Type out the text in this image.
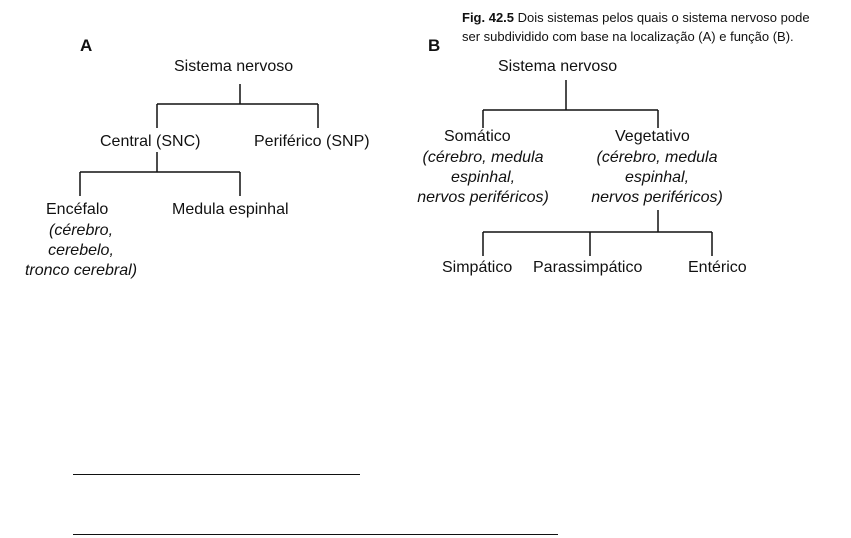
Fig. 42.5 Dois sistemas pelos quais o sistema nervoso pode
ser subdividido com base na localização (A) e função (B).
A
Sistema nervoso
Central (SNC)	Periférico (SNP)
Encéfalo
(cérebro,
cerebelo,
tronco cerebral)
Medula espinhal
B
Sistema nervoso
Somático
(cérebro, medula
espinhal,
nervos periféricos)
Vegetativo
(cérebro, medula
espinhal,
nervos periféricos)
Simpático Parassimpático	Entérico
